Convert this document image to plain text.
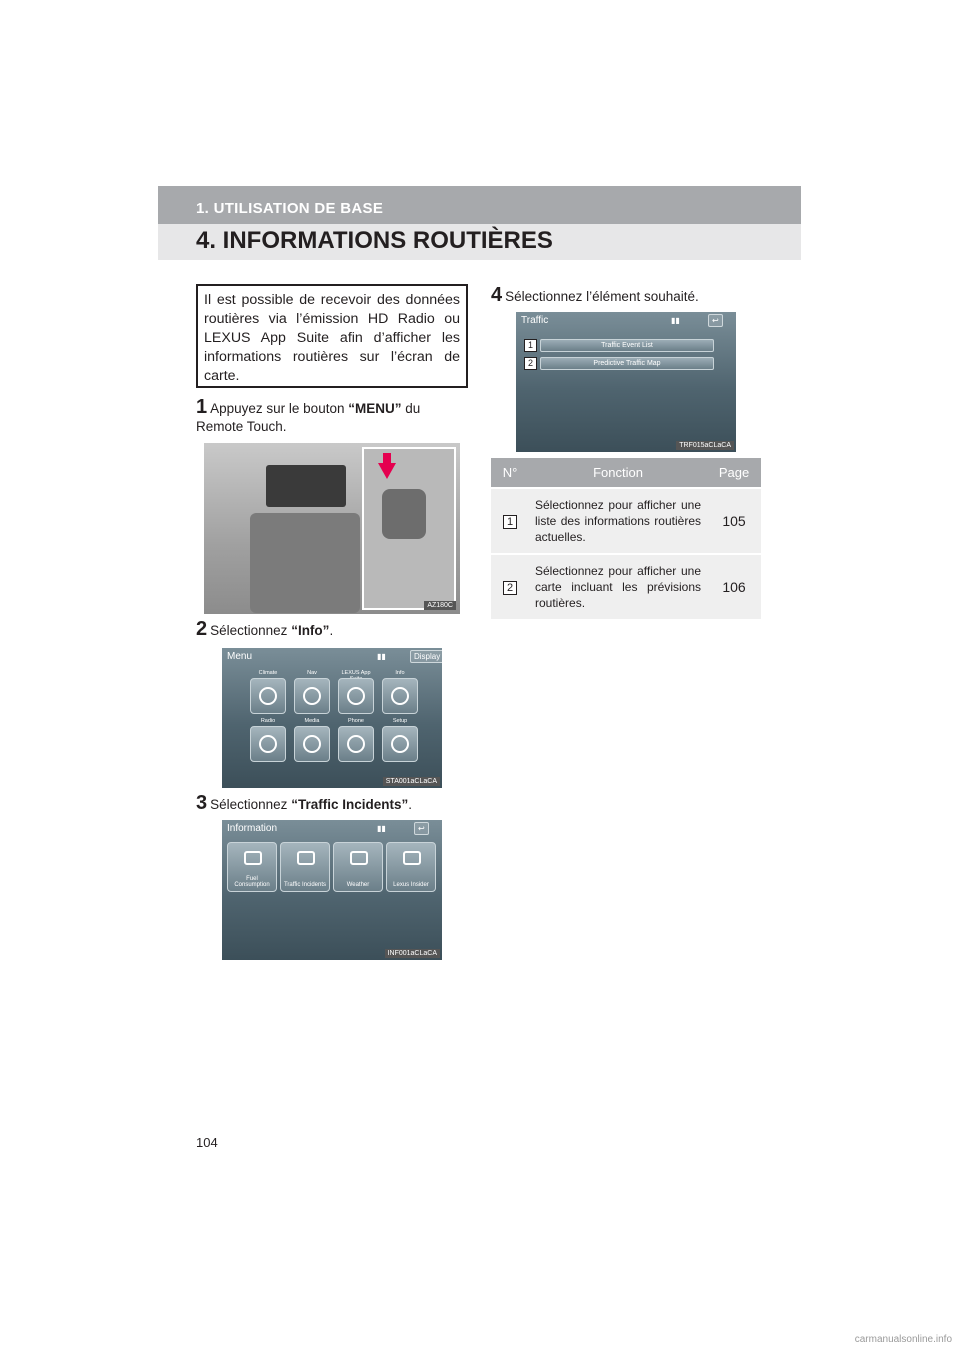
1. UTILISATION DE BASE
4. INFORMATIONS ROUTIÈRES
Il est possible de recevoir des données routières via l’émission HD Radio ou LEXUS App Suite afin d’afficher les informations routières sur l’écran de carte.
1 Appuyez sur le bouton “MENU” du Remote Touch.
AZ180C
2 Sélectionnez “Info”.
Menu	▮▮	Display
Climate	Nav	LEXUS App	Info
Radio	Media	Phone	Setup
STA001aCLaCA
3 Sélectionnez “Traffic Incidents”.
Information	▮▮	↩
Fuel Consumption	Traffic Incidents	Weather	Lexus Insider
INF001aCLaCA
4 Sélectionnez l’élément souhaité.
Traffic	▮▮	↩
1	Traffic Event List
2	Predictive Traffic Map
TRF015aCLaCA
N°	Fonction	Page
1	Sélectionnez pour afficher une liste des informations routières actuelles.	105
2	Sélectionnez pour afficher une carte incluant les prévisions routières.	106
104
carmanualsonline.info
